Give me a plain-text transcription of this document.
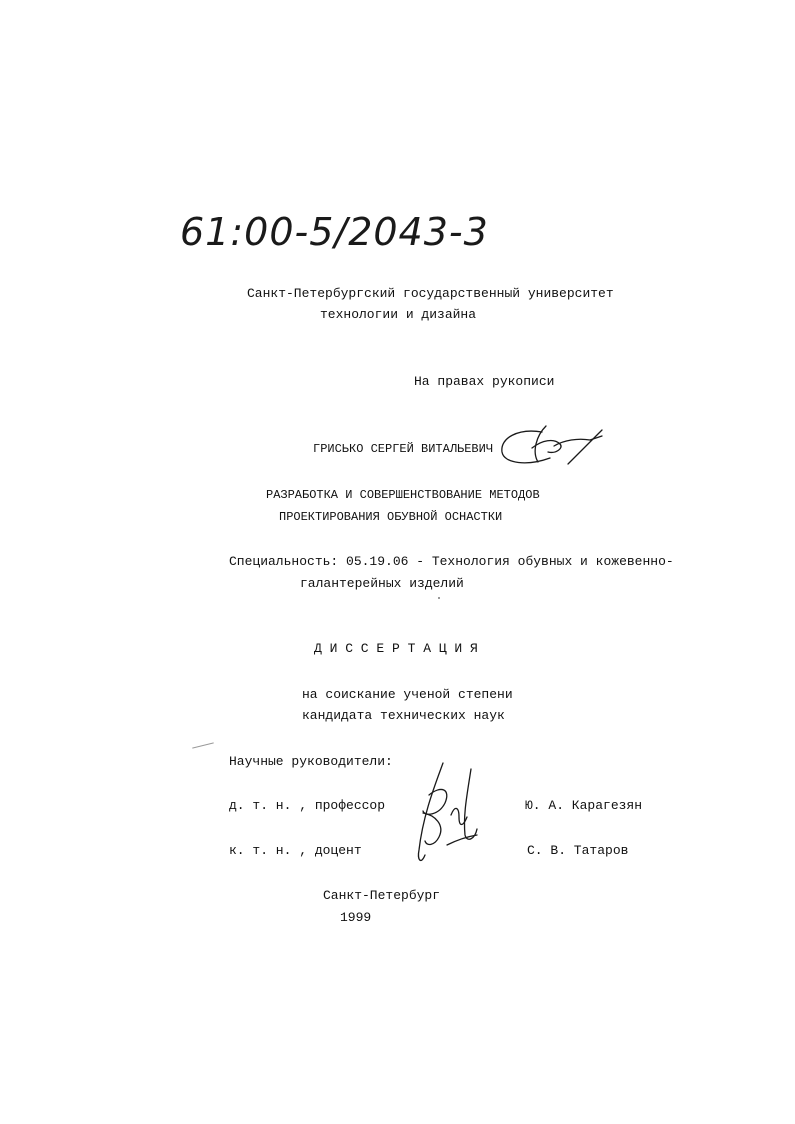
61:00-5/2043-3
Санкт-Петербургский государственный университет
технологии и дизайна
На правах рукописи
ГРИСЬКО СЕРГЕЙ ВИТАЛЬЕВИЧ
РАЗРАБОТКА И СОВЕРШЕНСТВОВАНИЕ МЕТОДОВ
ПРОЕКТИРОВАНИЯ ОБУВНОЙ ОСНАСТКИ
Специальность: 05.19.06 - Технология обувных и кожевенно-
галантерейных изделий
Д И С С Е Р Т А Ц И Я
на соискание ученой степени
кандидата технических наук
Научные руководители:
д. т. н. , профессор	Ю. А. Карагезян
к. т. н. , доцент	С. В. Татаров
Санкт-Петербург
1999
